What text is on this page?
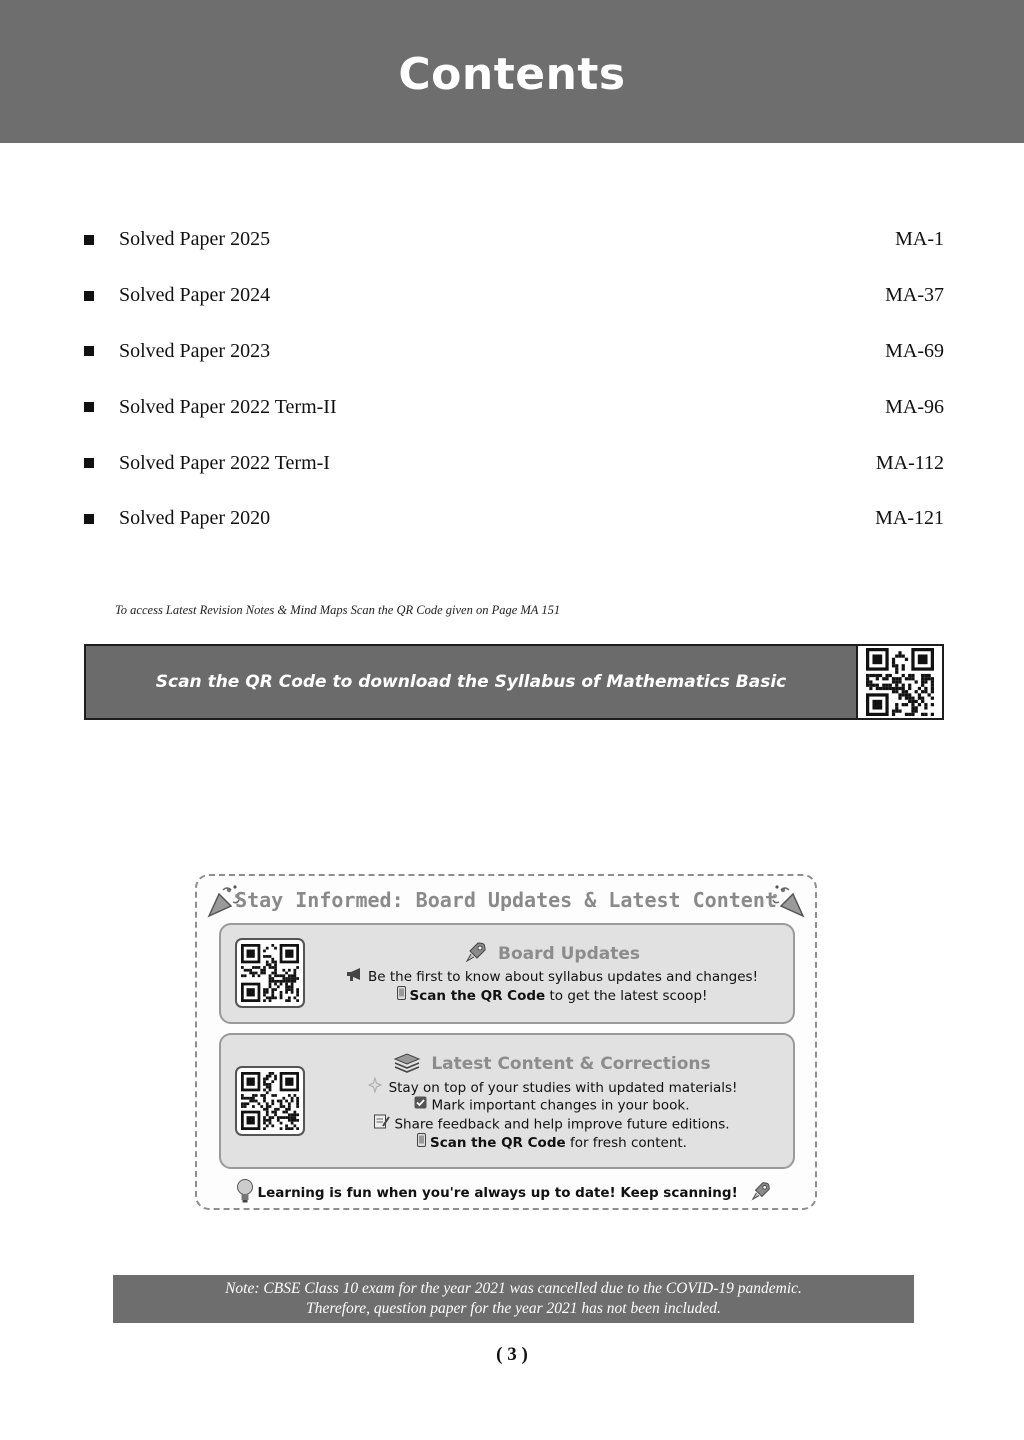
Contents
Solved Paper 2025	MA-1
Solved Paper 2024	MA-37
Solved Paper 2023	MA-69
Solved Paper 2022 Term-II	MA-96
Solved Paper 2022 Term-I	MA-112
Solved Paper 2020	MA-121
To access Latest Revision Notes & Mind Maps Scan the QR Code given on Page MA 151
Scan the QR Code to download the Syllabus of Mathematics Basic
Stay Informed: Board Updates & Latest Content
Board Updates
Be the first to know about syllabus updates and changes!
Scan the QR Code to get the latest scoop!
Latest Content & Corrections
Stay on top of your studies with updated materials!
Mark important changes in your book.
Share feedback and help improve future editions.
Scan the QR Code for fresh content.
Learning is fun when you're always up to date! Keep scanning!
Note: CBSE Class 10 exam for the year 2021 was cancelled due to the COVID-19 pandemic.
Therefore, question paper for the year 2021 has not been included.
( 3 )
